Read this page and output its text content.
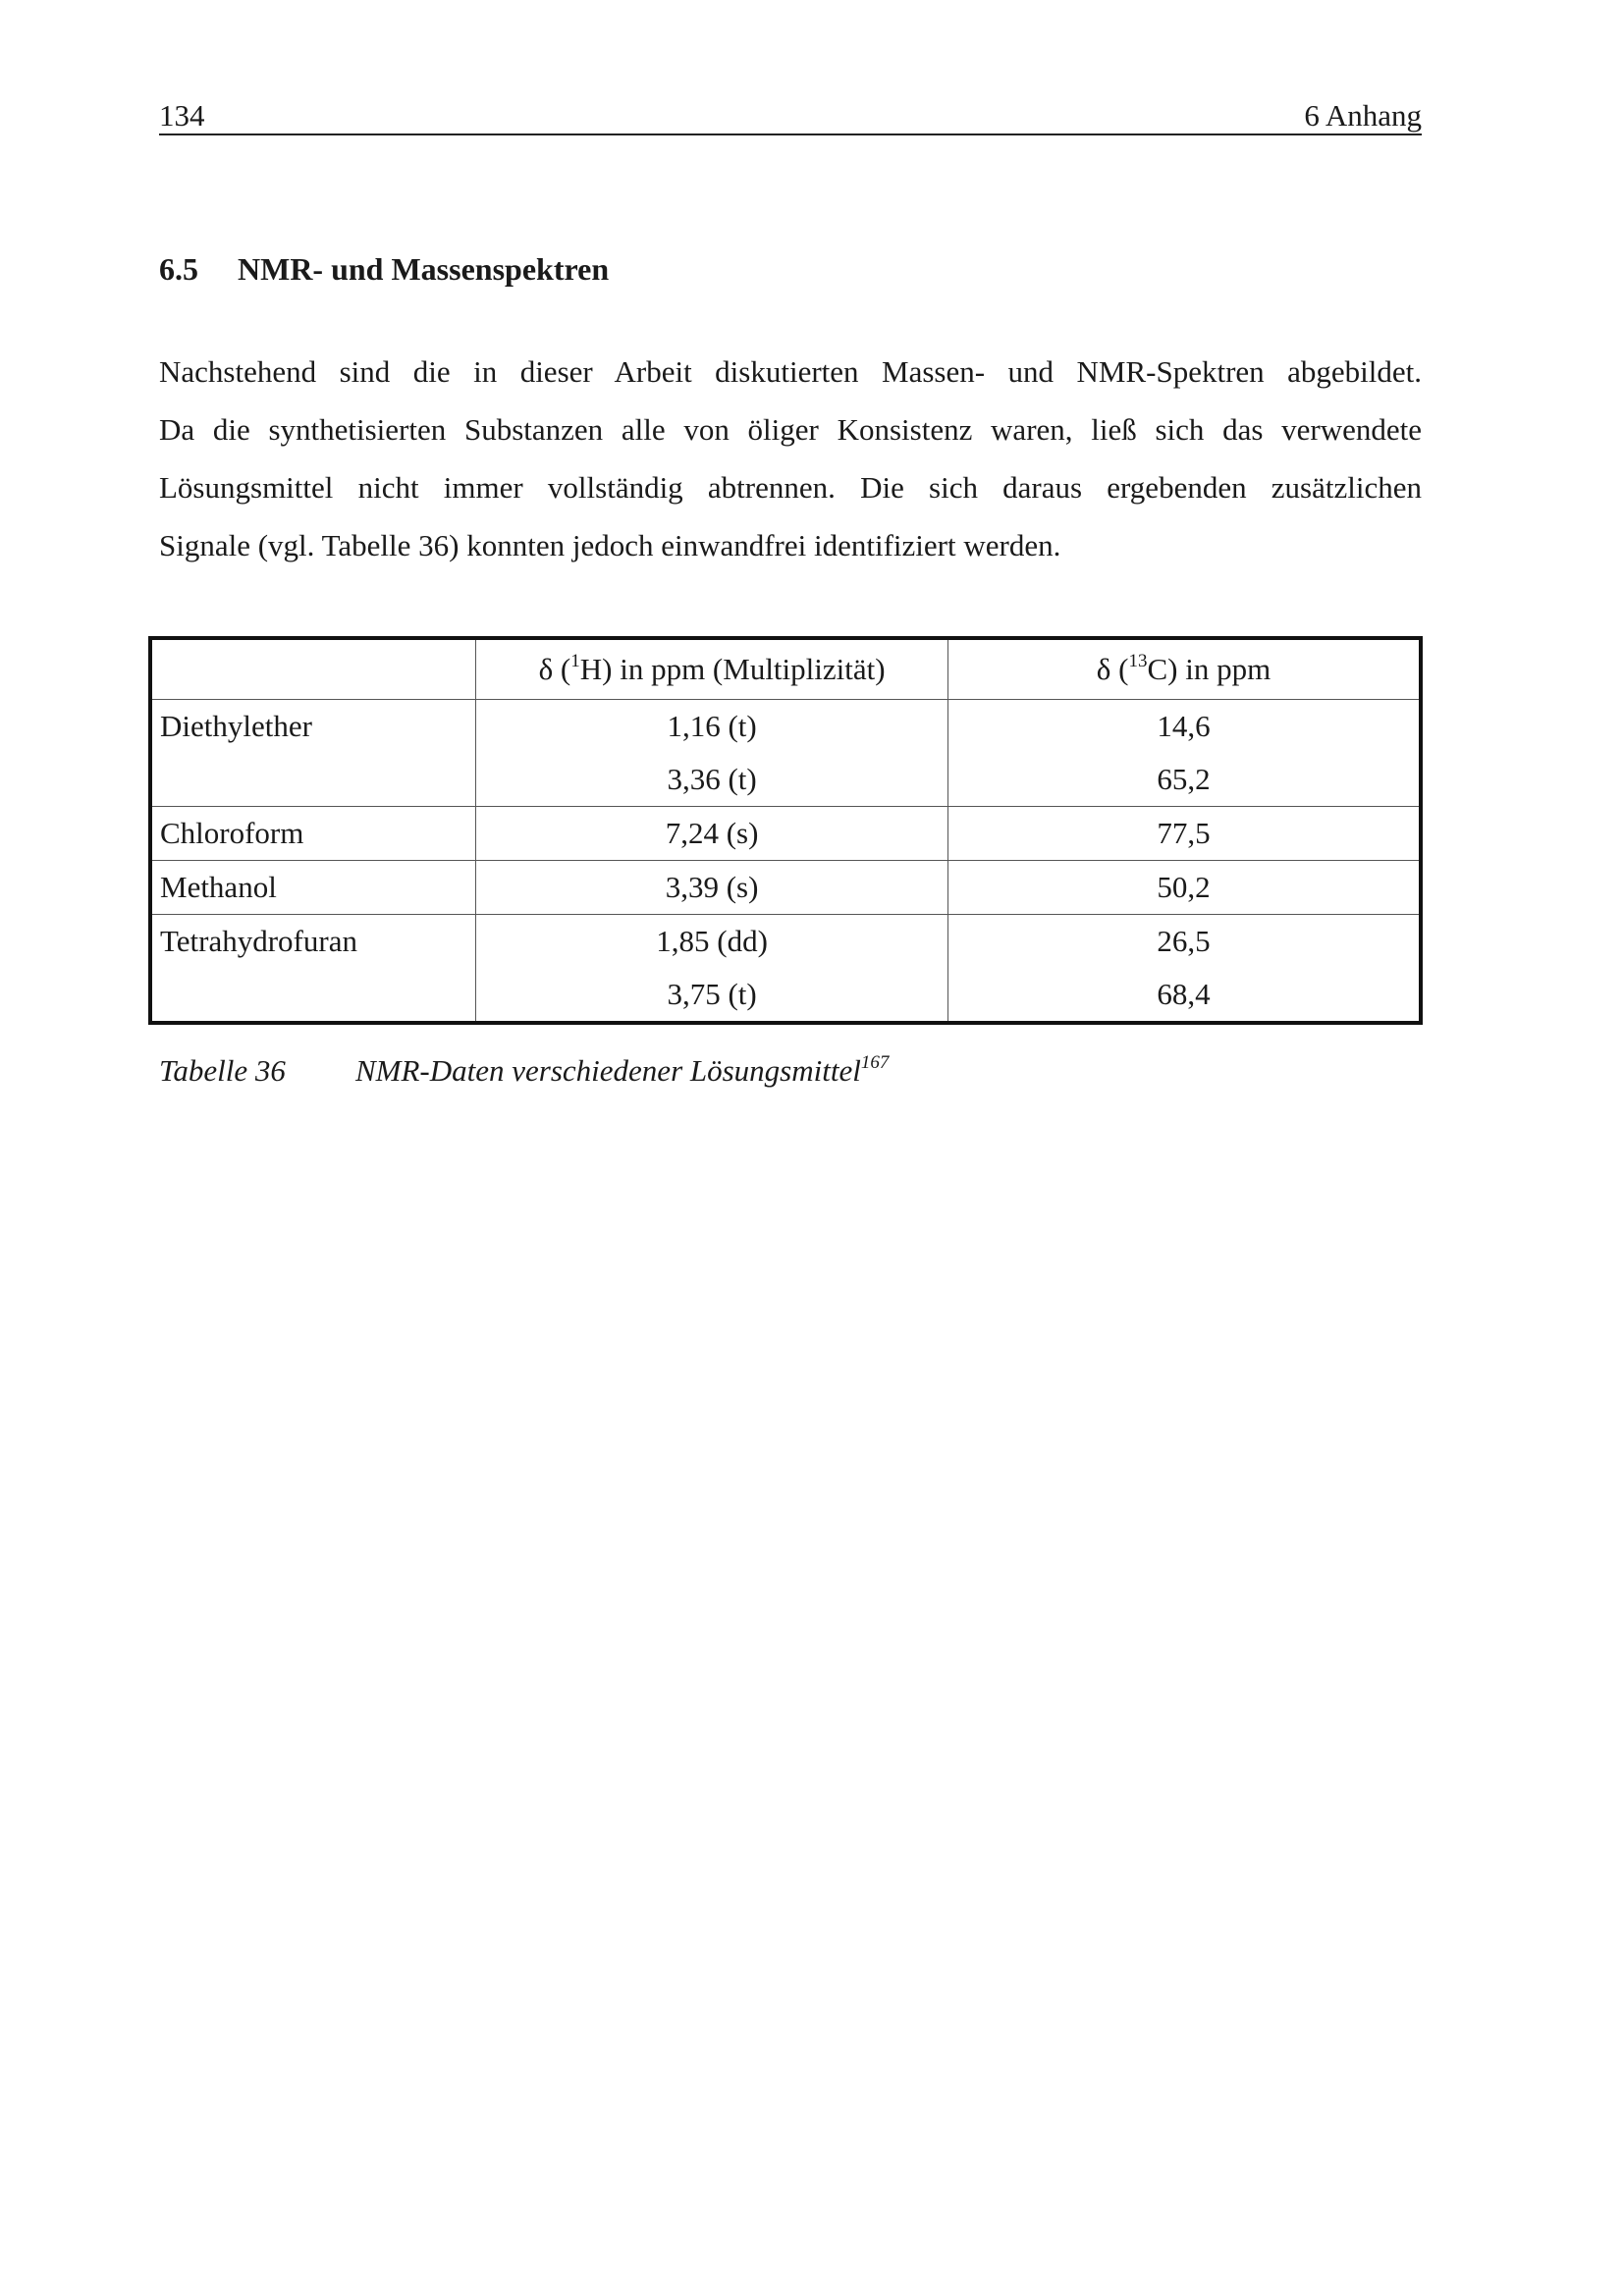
134	6 Anhang
6.5 NMR- und Massenspektren
Nachstehend sind die in dieser Arbeit diskutierten Massen- und NMR-Spektren abgebildet.
Da die synthetisierten Substanzen alle von öliger Konsistenz waren, ließ sich das verwendete
Lösungsmittel nicht immer vollständig abtrennen. Die sich daraus ergebenden zusätzlichen
Signale (vgl. Tabelle 36) konnten jedoch einwandfrei identifiziert werden.
	δ ($^1$H) in ppm (Multiplizität)	δ ($^{13}$C) in ppm
Diethylether	1,16 (t)	14,6
	3,36 (t)	65,2
Chloroform	7,24 (s)	77,5
Methanol	3,39 (s)	50,2
Tetrahydrofuran	1,85 (dd)	26,5
	3,75 (t)	68,4
Tabelle 36 NMR-Daten verschiedener Lösungsmittel$^{167}$
